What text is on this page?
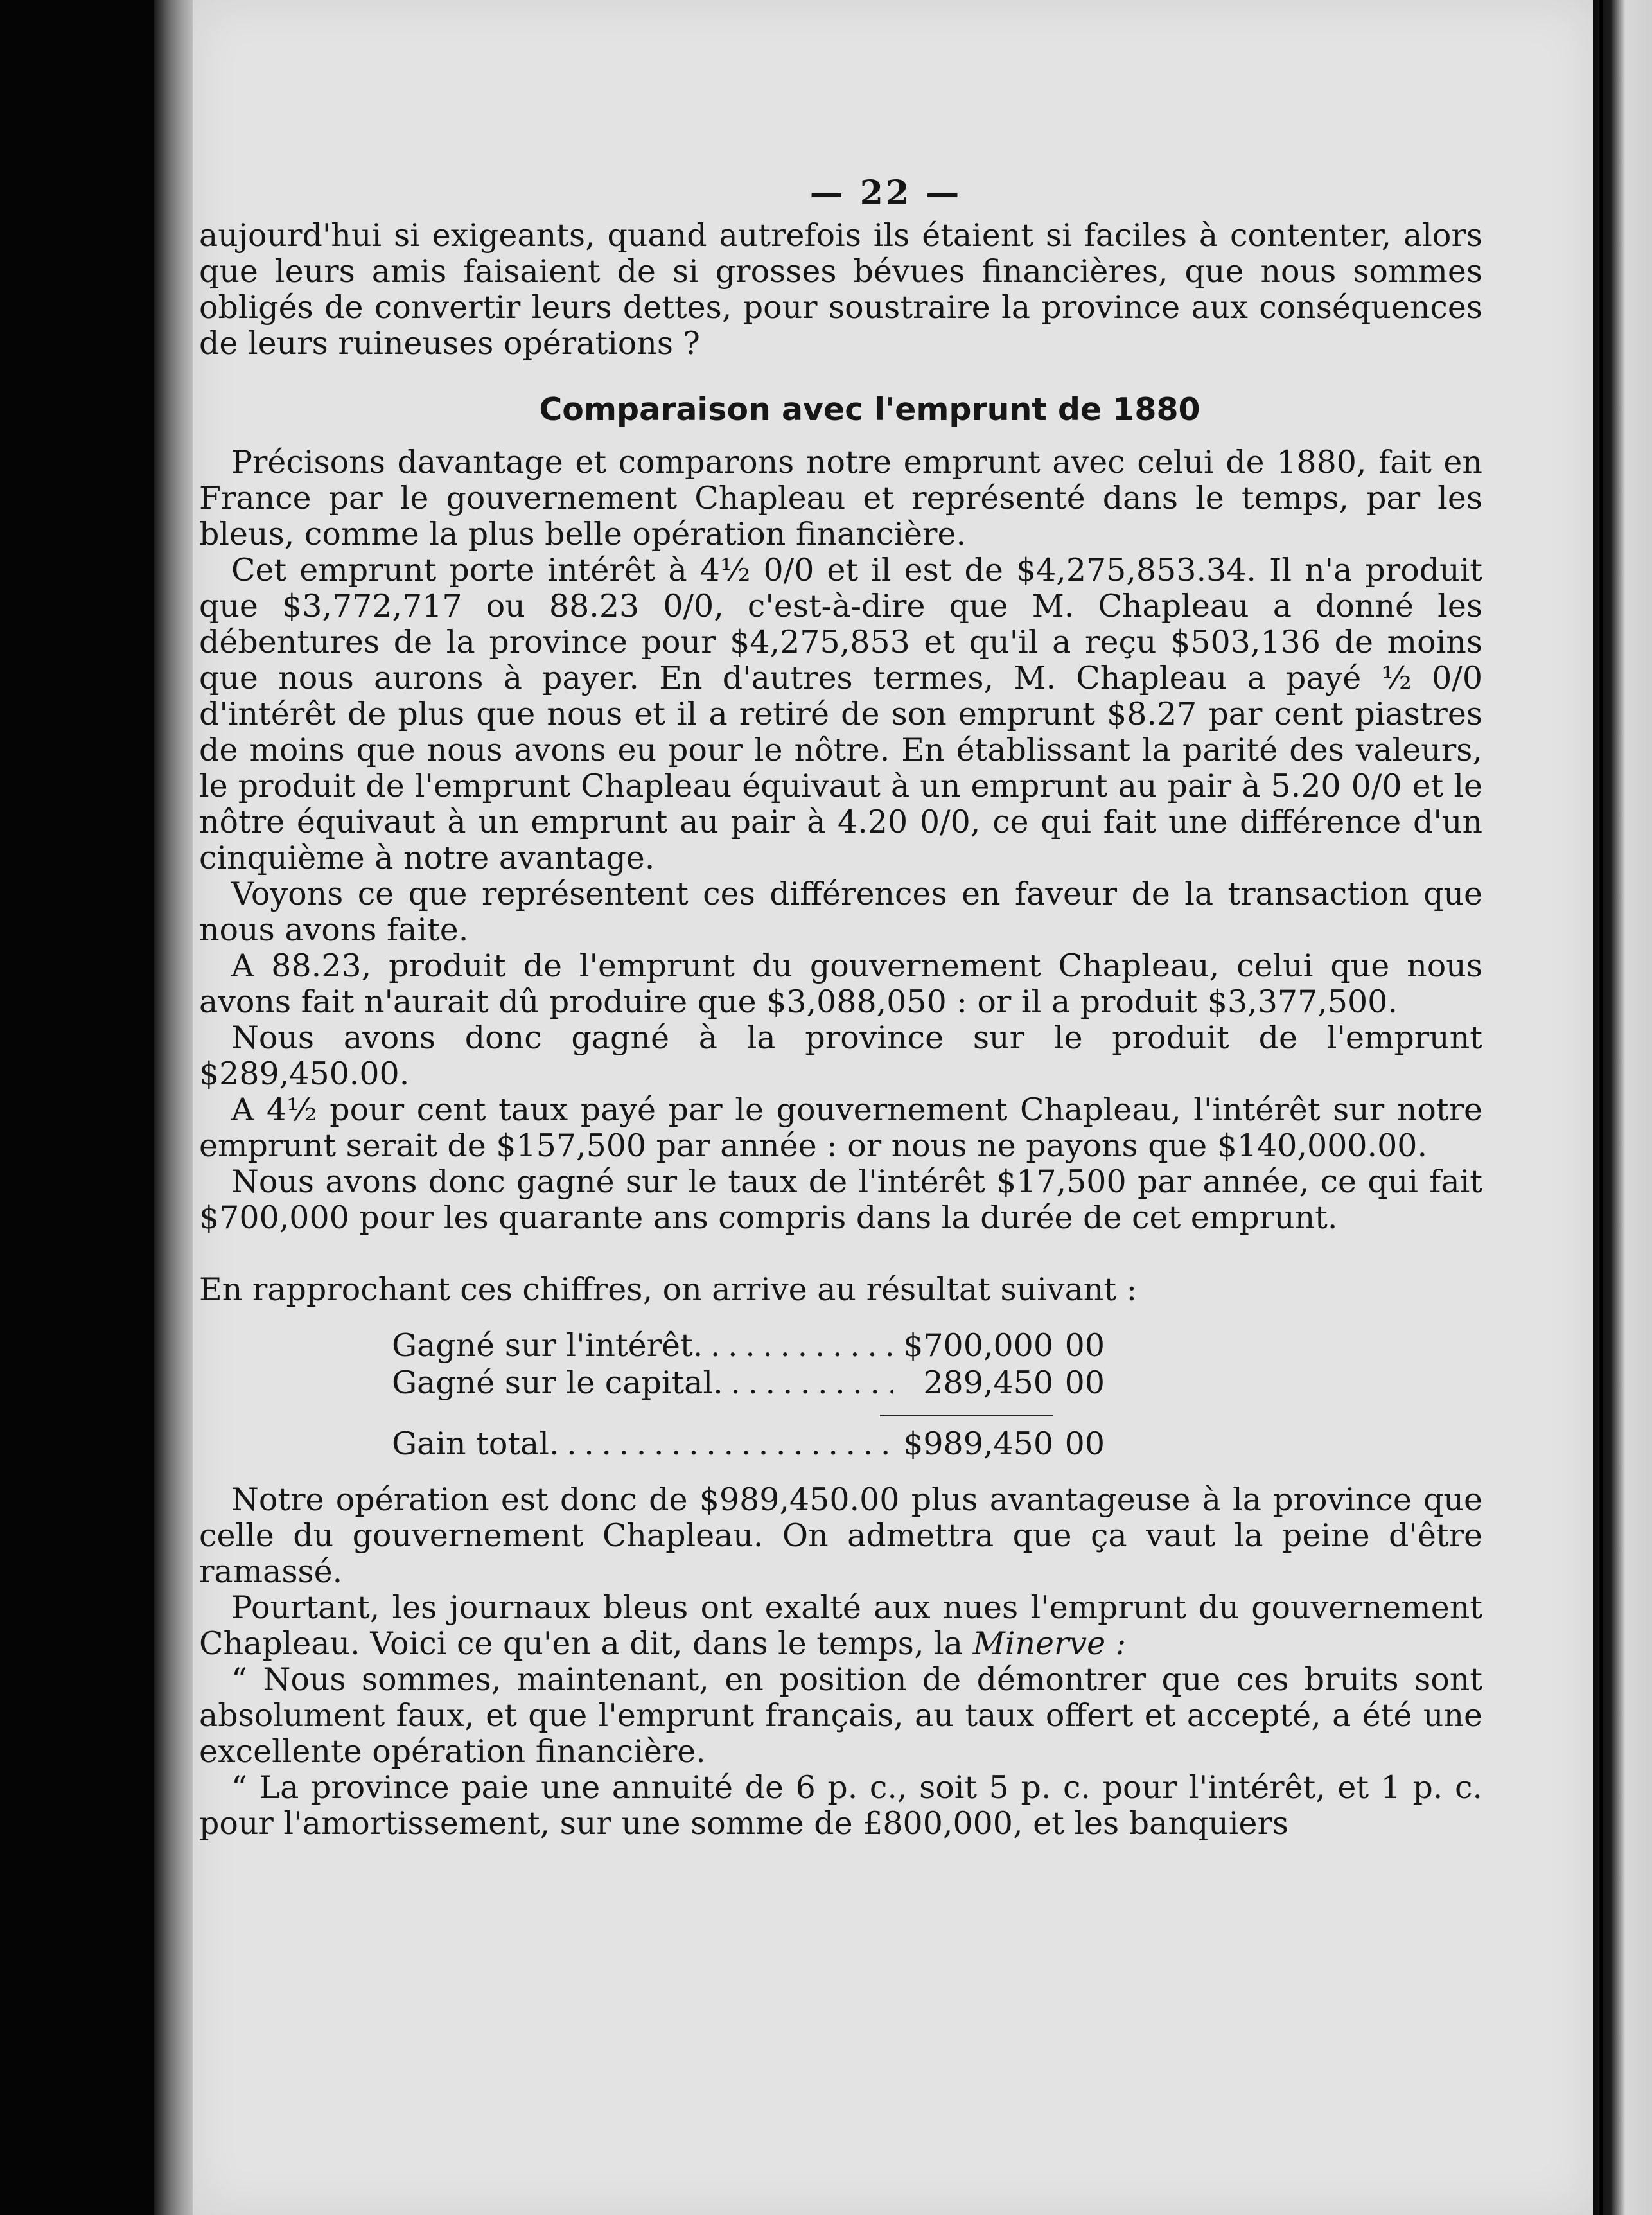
— 22 —

aujourd'hui si exigeants, quand autrefois ils étaient si faciles à contenter, alors que leurs amis faisaient de si grosses bévues financières, que nous sommes obligés de convertir leurs dettes, pour soustraire la province aux conséquences de leurs ruineuses opérations ?

Comparaison avec l'emprunt de 1880

Précisons davantage et comparons notre emprunt avec celui de 1880, fait en France par le gouvernement Chapleau et représenté dans le temps, par les bleus, comme la plus belle opération financière.

Cet emprunt porte intérêt à 4½ 0/0 et il est de $4,275,853.34. Il n'a produit que $3,772,717 ou 88.23 0/0, c'est-à-dire que M. Chapleau a donné les débentures de la province pour $4,275,853 et qu'il a reçu $503,136 de moins que nous aurons à payer. En d'autres termes, M. Chapleau a payé ½ 0/0 d'intérêt de plus que nous et il a retiré de son emprunt $8.27 par cent piastres de moins que nous avons eu pour le nôtre. En établissant la parité des valeurs, le produit de l'emprunt Chapleau équivaut à un emprunt au pair à 5.20 0/0 et le nôtre équivaut à un emprunt au pair à 4.20 0/0, ce qui fait une différence d'un cinquième à notre avantage.

Voyons ce que représentent ces différences en faveur de la transaction que nous avons faite.

A 88.23, produit de l'emprunt du gouvernement Chapleau, celui que nous avons fait n'aurait dû produire que $3,088,050 : or il a produit $3,377,500.

Nous avons donc gagné à la province sur le produit de l'emprunt $289,450.00.

A 4½ pour cent taux payé par le gouvernement Chapleau, l'intérêt sur notre emprunt serait de $157,500 par année : or nous ne payons que $140,000.00.

Nous avons donc gagné sur le taux de l'intérêt $17,500 par année, ce qui fait $700,000 pour les quarante ans compris dans la durée de cet emprunt.

En rapprochant ces chiffres, on arrive au résultat suivant :

Gagné sur l'intérêt . . .	$700,000 00
Gagné sur le capital . . .	289,450 00
Gain total . . .	$989,450 00

Notre opération est donc de $989,450.00 plus avantageuse à la province que celle du gouvernement Chapleau. On admettra que ça vaut la peine d'être ramassé.

Pourtant, les journaux bleus ont exalté aux nues l'emprunt du gouvernement Chapleau. Voici ce qu'en a dit, dans le temps, la Minerve :

“ Nous sommes, maintenant, en position de démontrer que ces bruits sont absolument faux, et que l'emprunt français, au taux offert et accepté, a été une excellente opération financière.

“ La province paie une annuité de 6 p. c., soit 5 p. c. pour l'intérêt, et 1 p. c. pour l'amortissement, sur une somme de £800,000, et les banquiers
